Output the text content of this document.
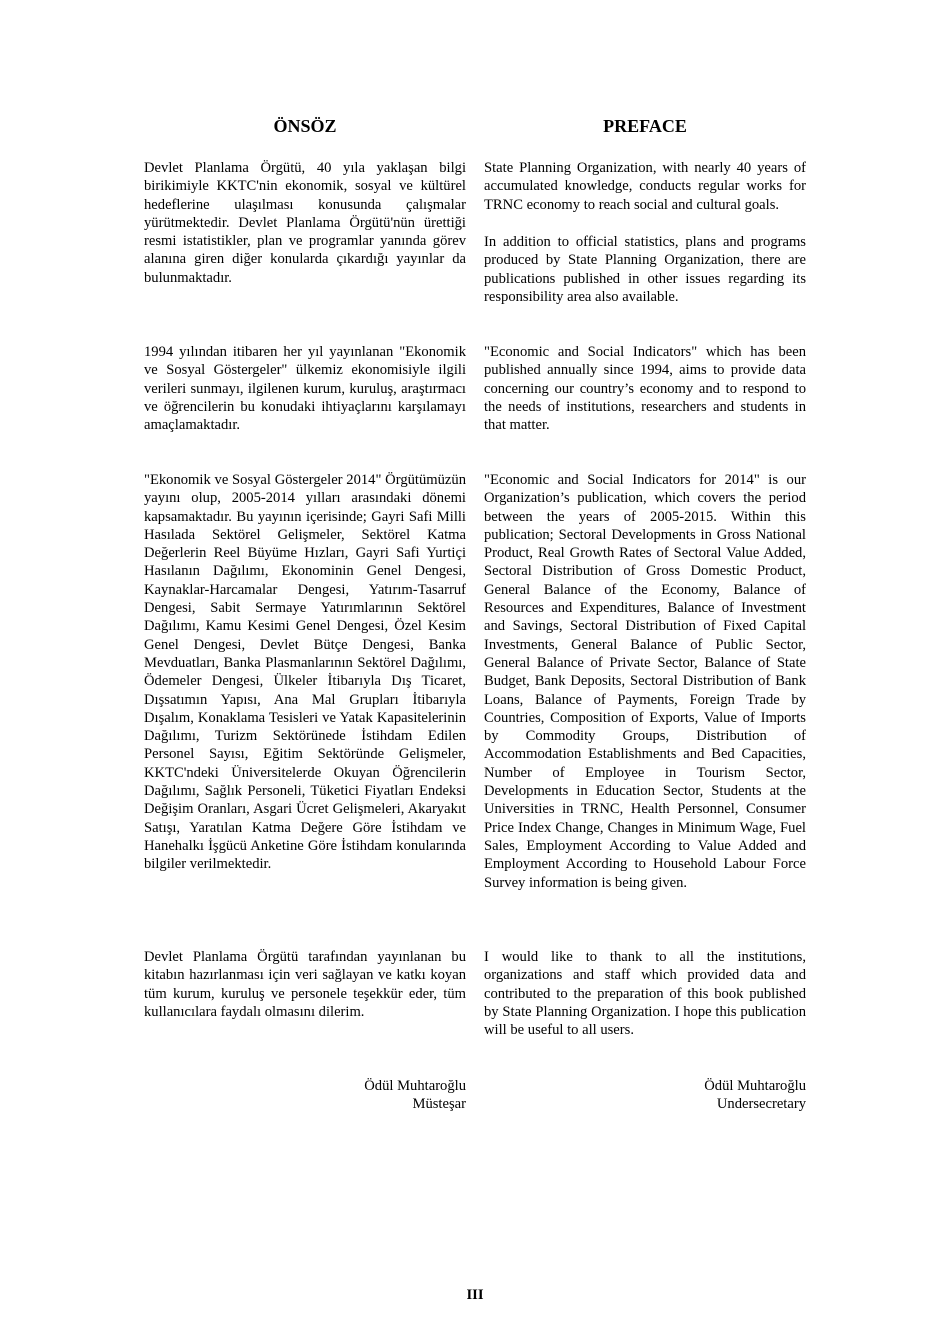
ÖNSÖZ	PREFACE

Devlet Planlama Örgütü, 40 yıla yaklaşan bilgi birikimiyle KKTC'nin ekonomik, sosyal ve kültürel hedeflerine ulaşılması konusunda çalışmalar yürütmektedir. Devlet Planlama Örgütü'nün ürettiği resmi istatistikler, plan ve programlar yanında görev alanına giren diğer konularda çıkardığı yayınlar da bulunmaktadır.

1994 yılından itibaren her yıl yayınlanan "Ekonomik ve Sosyal Göstergeler" ülkemiz ekonomisiyle ilgili verileri sunmayı, ilgilenen kurum, kuruluş, araştırmacı ve öğrencilerin bu konudaki ihtiyaçlarını karşılamayı amaçlamaktadır.

"Ekonomik ve Sosyal Göstergeler 2014" Örgütümüzün yayını olup, 2005-2014 yılları arasındaki dönemi kapsamaktadır. Bu yayının içerisinde; Gayri Safi Milli Hasılada Sektörel Gelişmeler, Sektörel Katma Değerlerin Reel Büyüme Hızları, Gayri Safi Yurtiçi Hasılanın Dağılımı, Ekonominin Genel Dengesi, Kaynaklar-Harcamalar Dengesi, Yatırım-Tasarruf Dengesi, Sabit Sermaye Yatırımlarının Sektörel Dağılımı, Kamu Kesimi Genel Dengesi, Özel Kesim Genel Dengesi, Devlet Bütçe Dengesi, Banka Mevduatları, Banka Plasmanlarının Sektörel Dağılımı, Ödemeler Dengesi, Ülkeler İtibarıyla Dış Ticaret, Dışsatımın Yapısı, Ana Mal Grupları İtibarıyla Dışalım, Konaklama Tesisleri ve Yatak Kapasitelerinin Dağılımı, Turizm Sektörünede İstihdam Edilen Personel Sayısı, Eğitim Sektöründe Gelişmeler, KKTC'ndeki Üniversitelerde Okuyan Öğrencilerin Dağılımı, Sağlık Personeli, Tüketici Fiyatları Endeksi Değişim Oranları, Asgari Ücret Gelişmeleri, Akaryakıt Satışı, Yaratılan Katma Değere Göre İstihdam ve Hanehalkı İşgücü Anketine Göre İstihdam konularında bilgiler verilmektedir.

Devlet Planlama Örgütü tarafından yayınlanan bu kitabın hazırlanması için veri sağlayan ve katkı koyan tüm kurum, kuruluş ve personele teşekkür eder, tüm kullanıcılara faydalı olmasını dilerim.

Ödül Muhtaroğlu
Müsteşar

State Planning Organization, with nearly 40 years of accumulated knowledge, conducts regular works for TRNC economy to reach social and cultural goals.

In addition to official statistics, plans and programs produced by State Planning Organization, there are publications published in other issues regarding its responsibility area also available.

"Economic and Social Indicators" which has been published annually since 1994, aims to provide data concerning our country’s economy and to respond to the needs of institutions, researchers and students in that matter.

"Economic and Social Indicators for 2014" is our Organization’s publication, which covers the period between the years of 2005-2015. Within this publication; Sectoral Developments in Gross National Product, Real Growth Rates of Sectoral Value Added, Sectoral Distribution of Gross Domestic Product, General Balance of the Economy, Balance of Resources and Expenditures, Balance of Investment and Savings, Sectoral Distribution of Fixed Capital Investments, General Balance of Public Sector, General Balance of Private Sector, Balance of State Budget, Bank Deposits, Sectoral Distribution of Bank Loans, Balance of Payments, Foreign Trade by Countries, Composition of Exports, Value of Imports by Commodity Groups, Distribution of Accommodation Establishments and Bed Capacities, Number of Employee in Tourism Sector, Developments in Education Sector, Students at the Universities in TRNC, Health Personnel, Consumer Price Index Change, Changes in Minimum Wage, Fuel Sales, Employment According to Value Added and Employment According to Household Labour Force Survey information is being given.

I would like to thank to all the institutions, organizations and staff which provided data and contributed to the preparation of this book published by State Planning Organization. I hope this publication will be useful to all users.

Ödül Muhtaroğlu
Undersecretary
III
